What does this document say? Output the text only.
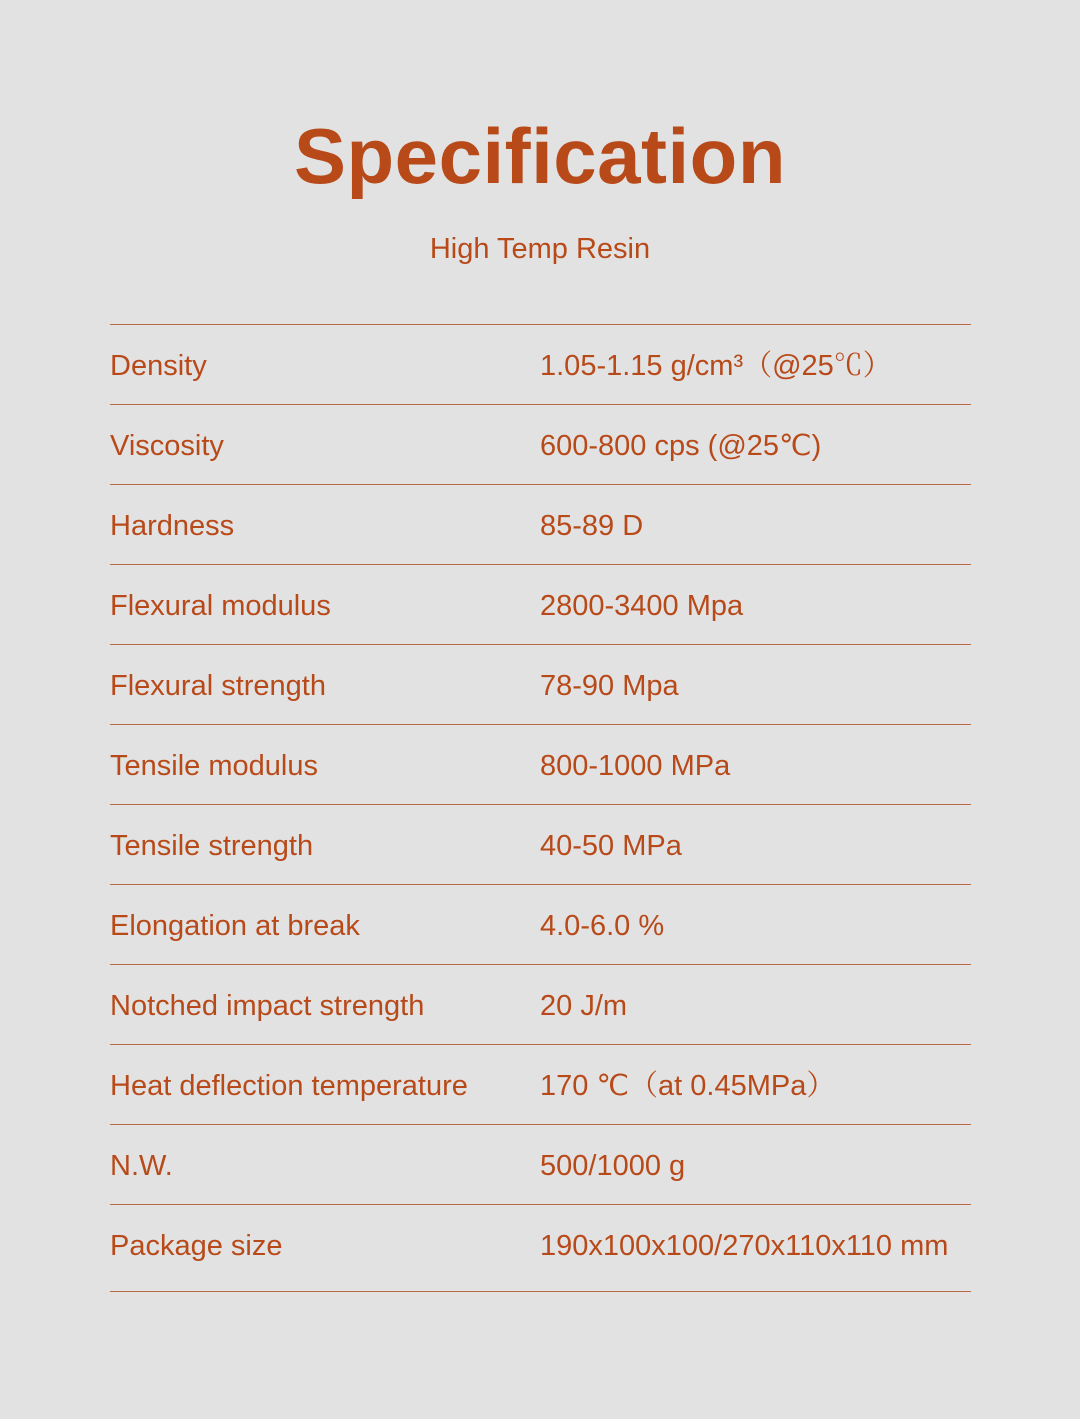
Specification
High Temp Resin
Density	1.05-1.15 g/cm³（@25℃）
Viscosity	600-800 cps (@25℃)
Hardness	85-89 D
Flexural modulus	2800-3400 Mpa
Flexural strength	78-90 Mpa
Tensile modulus	800-1000 MPa
Tensile strength	40-50 MPa
Elongation at break	4.0-6.0 %
Notched impact strength	20 J/m
Heat deflection temperature	170 ℃（at 0.45MPa）
N.W.	500/1000 g
Package size	190x100x100/270x110x110 mm
